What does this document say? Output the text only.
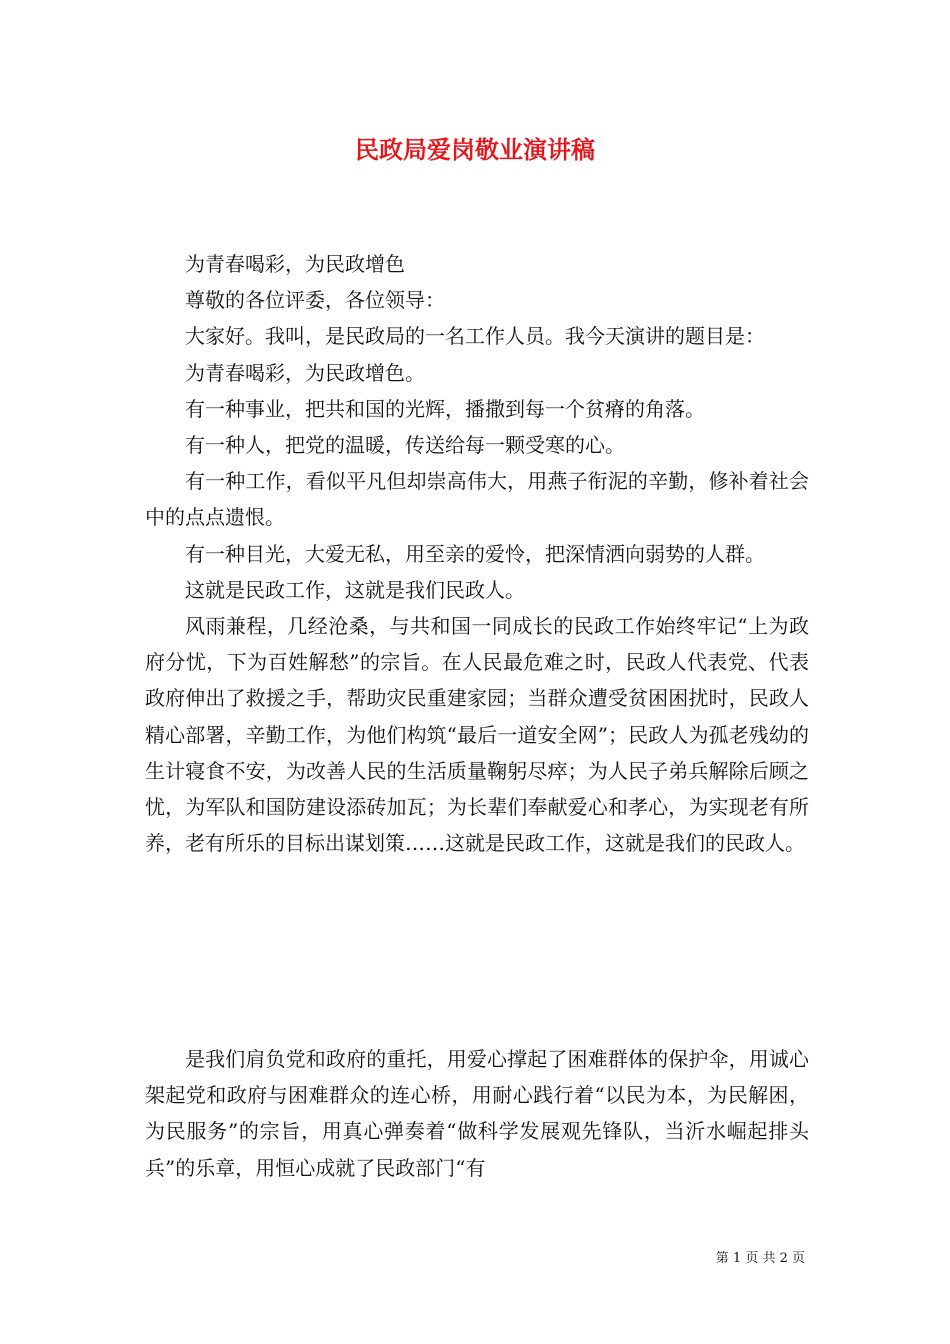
民政局爱岗敬业演讲稿

为青春喝彩，为民政增色

尊敬的各位评委，各位领导：

大家好。我叫，是民政局的一名工作人员。我今天演讲的题目是：

为青春喝彩，为民政增色。

有一种事业，把共和国的光辉，播撒到每一个贫瘠的角落。

有一种人，把党的温暖，传送给每一颗受寒的心。

有一种工作，看似平凡但却崇高伟大，用燕子衔泥的辛勤，修补着社会中的点点遗恨。

有一种目光，大爱无私，用至亲的爱怜，把深情洒向弱势的人群。

这就是民政工作，这就是我们民政人。

风雨兼程，几经沧桑，与共和国一同成长的民政工作始终牢记“上为政府分忧，下为百姓解愁”的宗旨。在人民最危难之时，民政人代表党、代表政府伸出了救援之手，帮助灾民重建家园；当群众遭受贫困困扰时，民政人精心部署，辛勤工作，为他们构筑“最后一道安全网”；民政人为孤老残幼的生计寝食不安，为改善人民的生活质量鞠躬尽瘁；为人民子弟兵解除后顾之忧，为军队和国防建设添砖加瓦；为长辈们奉献爱心和孝心，为实现老有所养，老有所乐的目标出谋划策……这就是民政工作，这就是我们的民政人。

是我们肩负党和政府的重托，用爱心撑起了困难群体的保护伞，用诚心架起党和政府与困难群众的连心桥，用耐心践行着“以民为本，为民解困，为民服务”的宗旨，用真心弹奏着“做科学发展观先锋队，当沂水崛起排头兵”的乐章，用恒心成就了民政部门“有

第 1 页 共 2 页
